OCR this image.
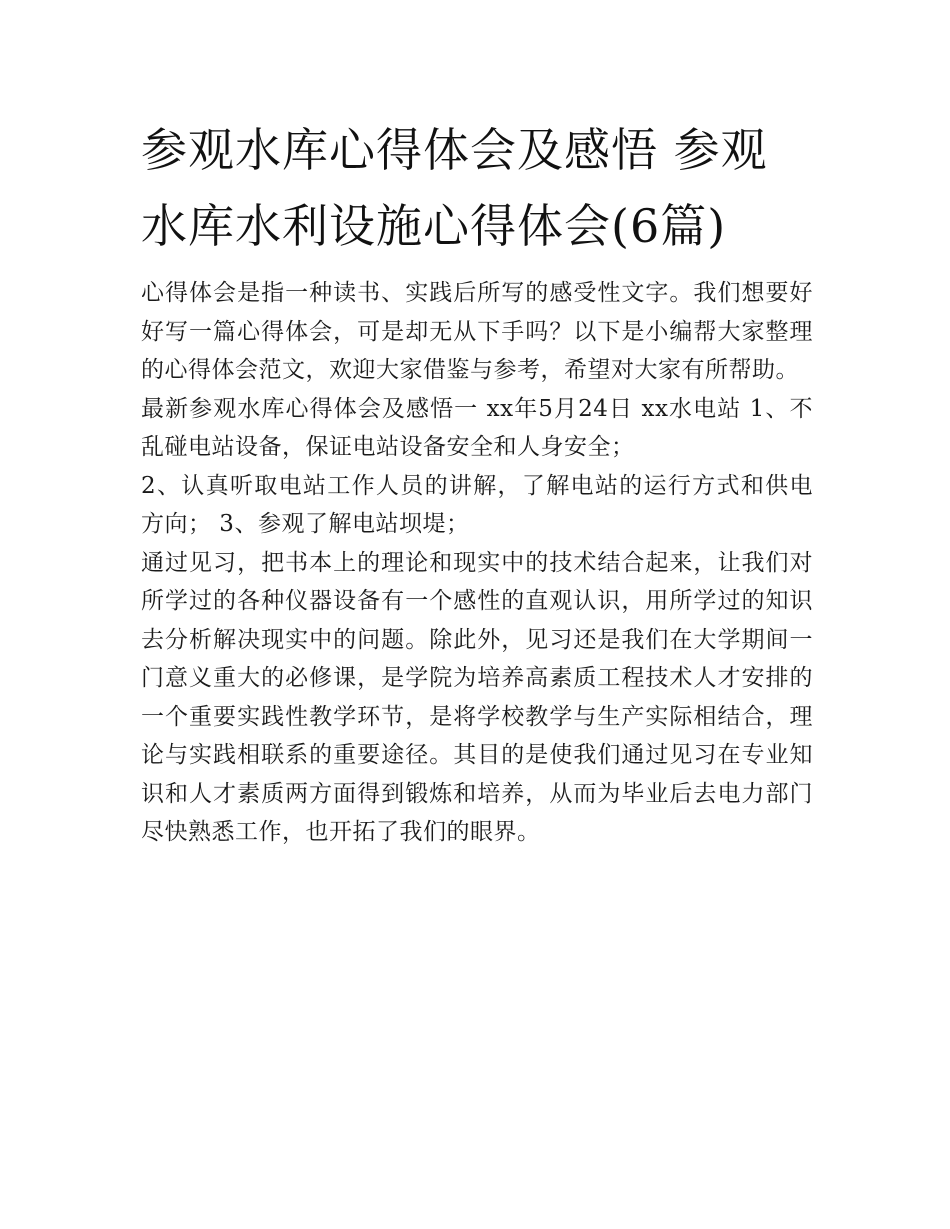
参观水库心得体会及感悟 参观水库水利设施心得体会(6篇)

心得体会是指一种读书、实践后所写的感受性文字。我们想要好好写一篇心得体会，可是却无从下手吗？以下是小编帮大家整理的心得体会范文，欢迎大家借鉴与参考，希望对大家有所帮助。

最新参观水库心得体会及感悟一 xx年5月24日 xx水电站 1、不乱碰电站设备，保证电站设备安全和人身安全；

2、认真听取电站工作人员的讲解，了解电站的运行方式和供电方向； 3、参观了解电站坝堤；

通过见习，把书本上的理论和现实中的技术结合起来，让我们对所学过的各种仪器设备有一个感性的直观认识，用所学过的知识去分析解决现实中的问题。除此外，见习还是我们在大学期间一门意义重大的必修课，是学院为培养高素质工程技术人才安排的一个重要实践性教学环节，是将学校教学与生产实际相结合，理论与实践相联系的重要途径。其目的是使我们通过见习在专业知识和人才素质两方面得到锻炼和培养，从而为毕业后去电力部门尽快熟悉工作，也开拓了我们的眼界。
